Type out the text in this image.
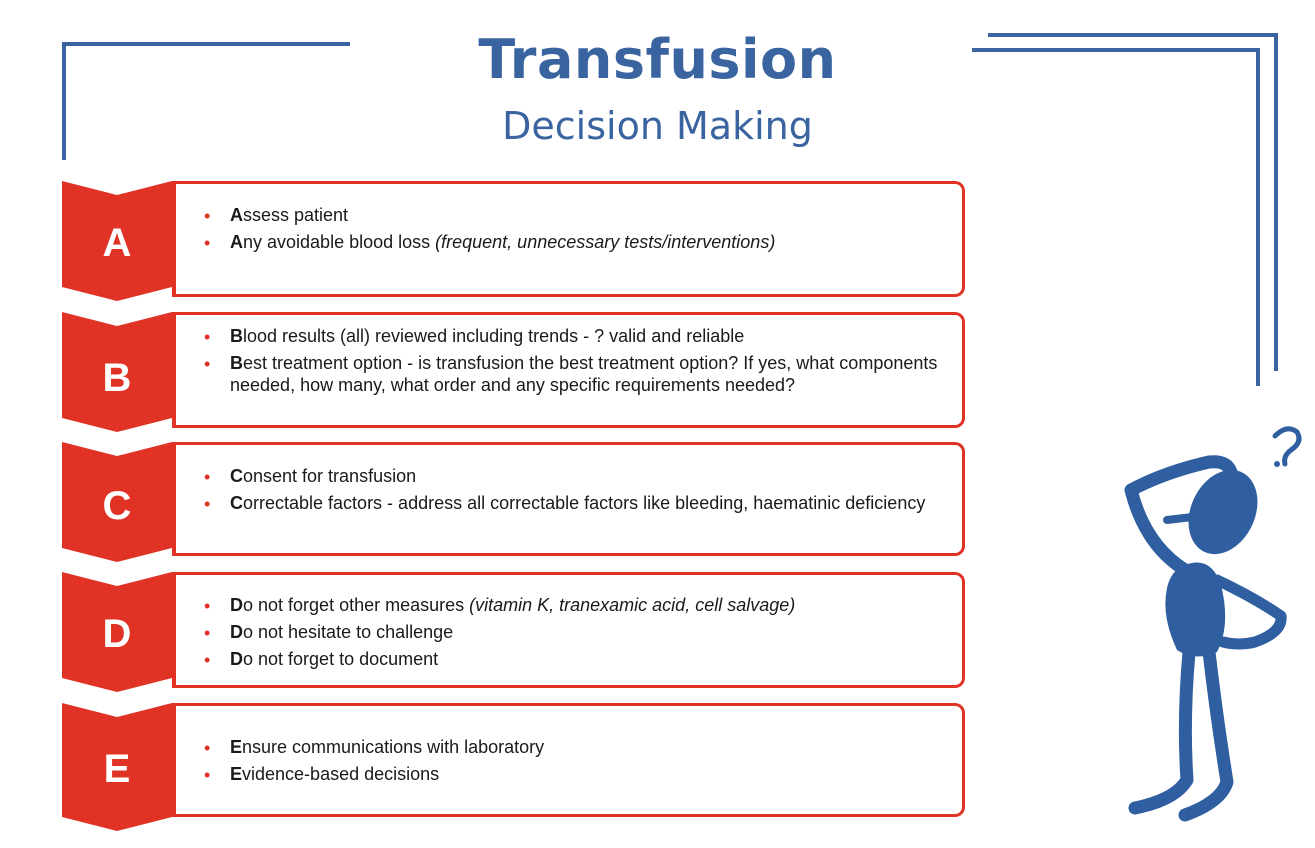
Transfusion
Decision Making
A
• Assess patient
• Any avoidable blood loss (frequent, unnecessary tests/interventions)
B
• Blood results (all) reviewed including trends - ? valid and reliable
• Best treatment option - is transfusion the best treatment option? If yes, what components needed, how many, what order and any specific requirements needed?
C
• Consent for transfusion
• Correctable factors - address all correctable factors like bleeding, haematinic deficiency
D
• Do not forget other measures (vitamin K, tranexamic acid, cell salvage)
• Do not hesitate to challenge
• Do not forget to document
E	• Ensure communications with laboratory
• Evidence-based decisions
